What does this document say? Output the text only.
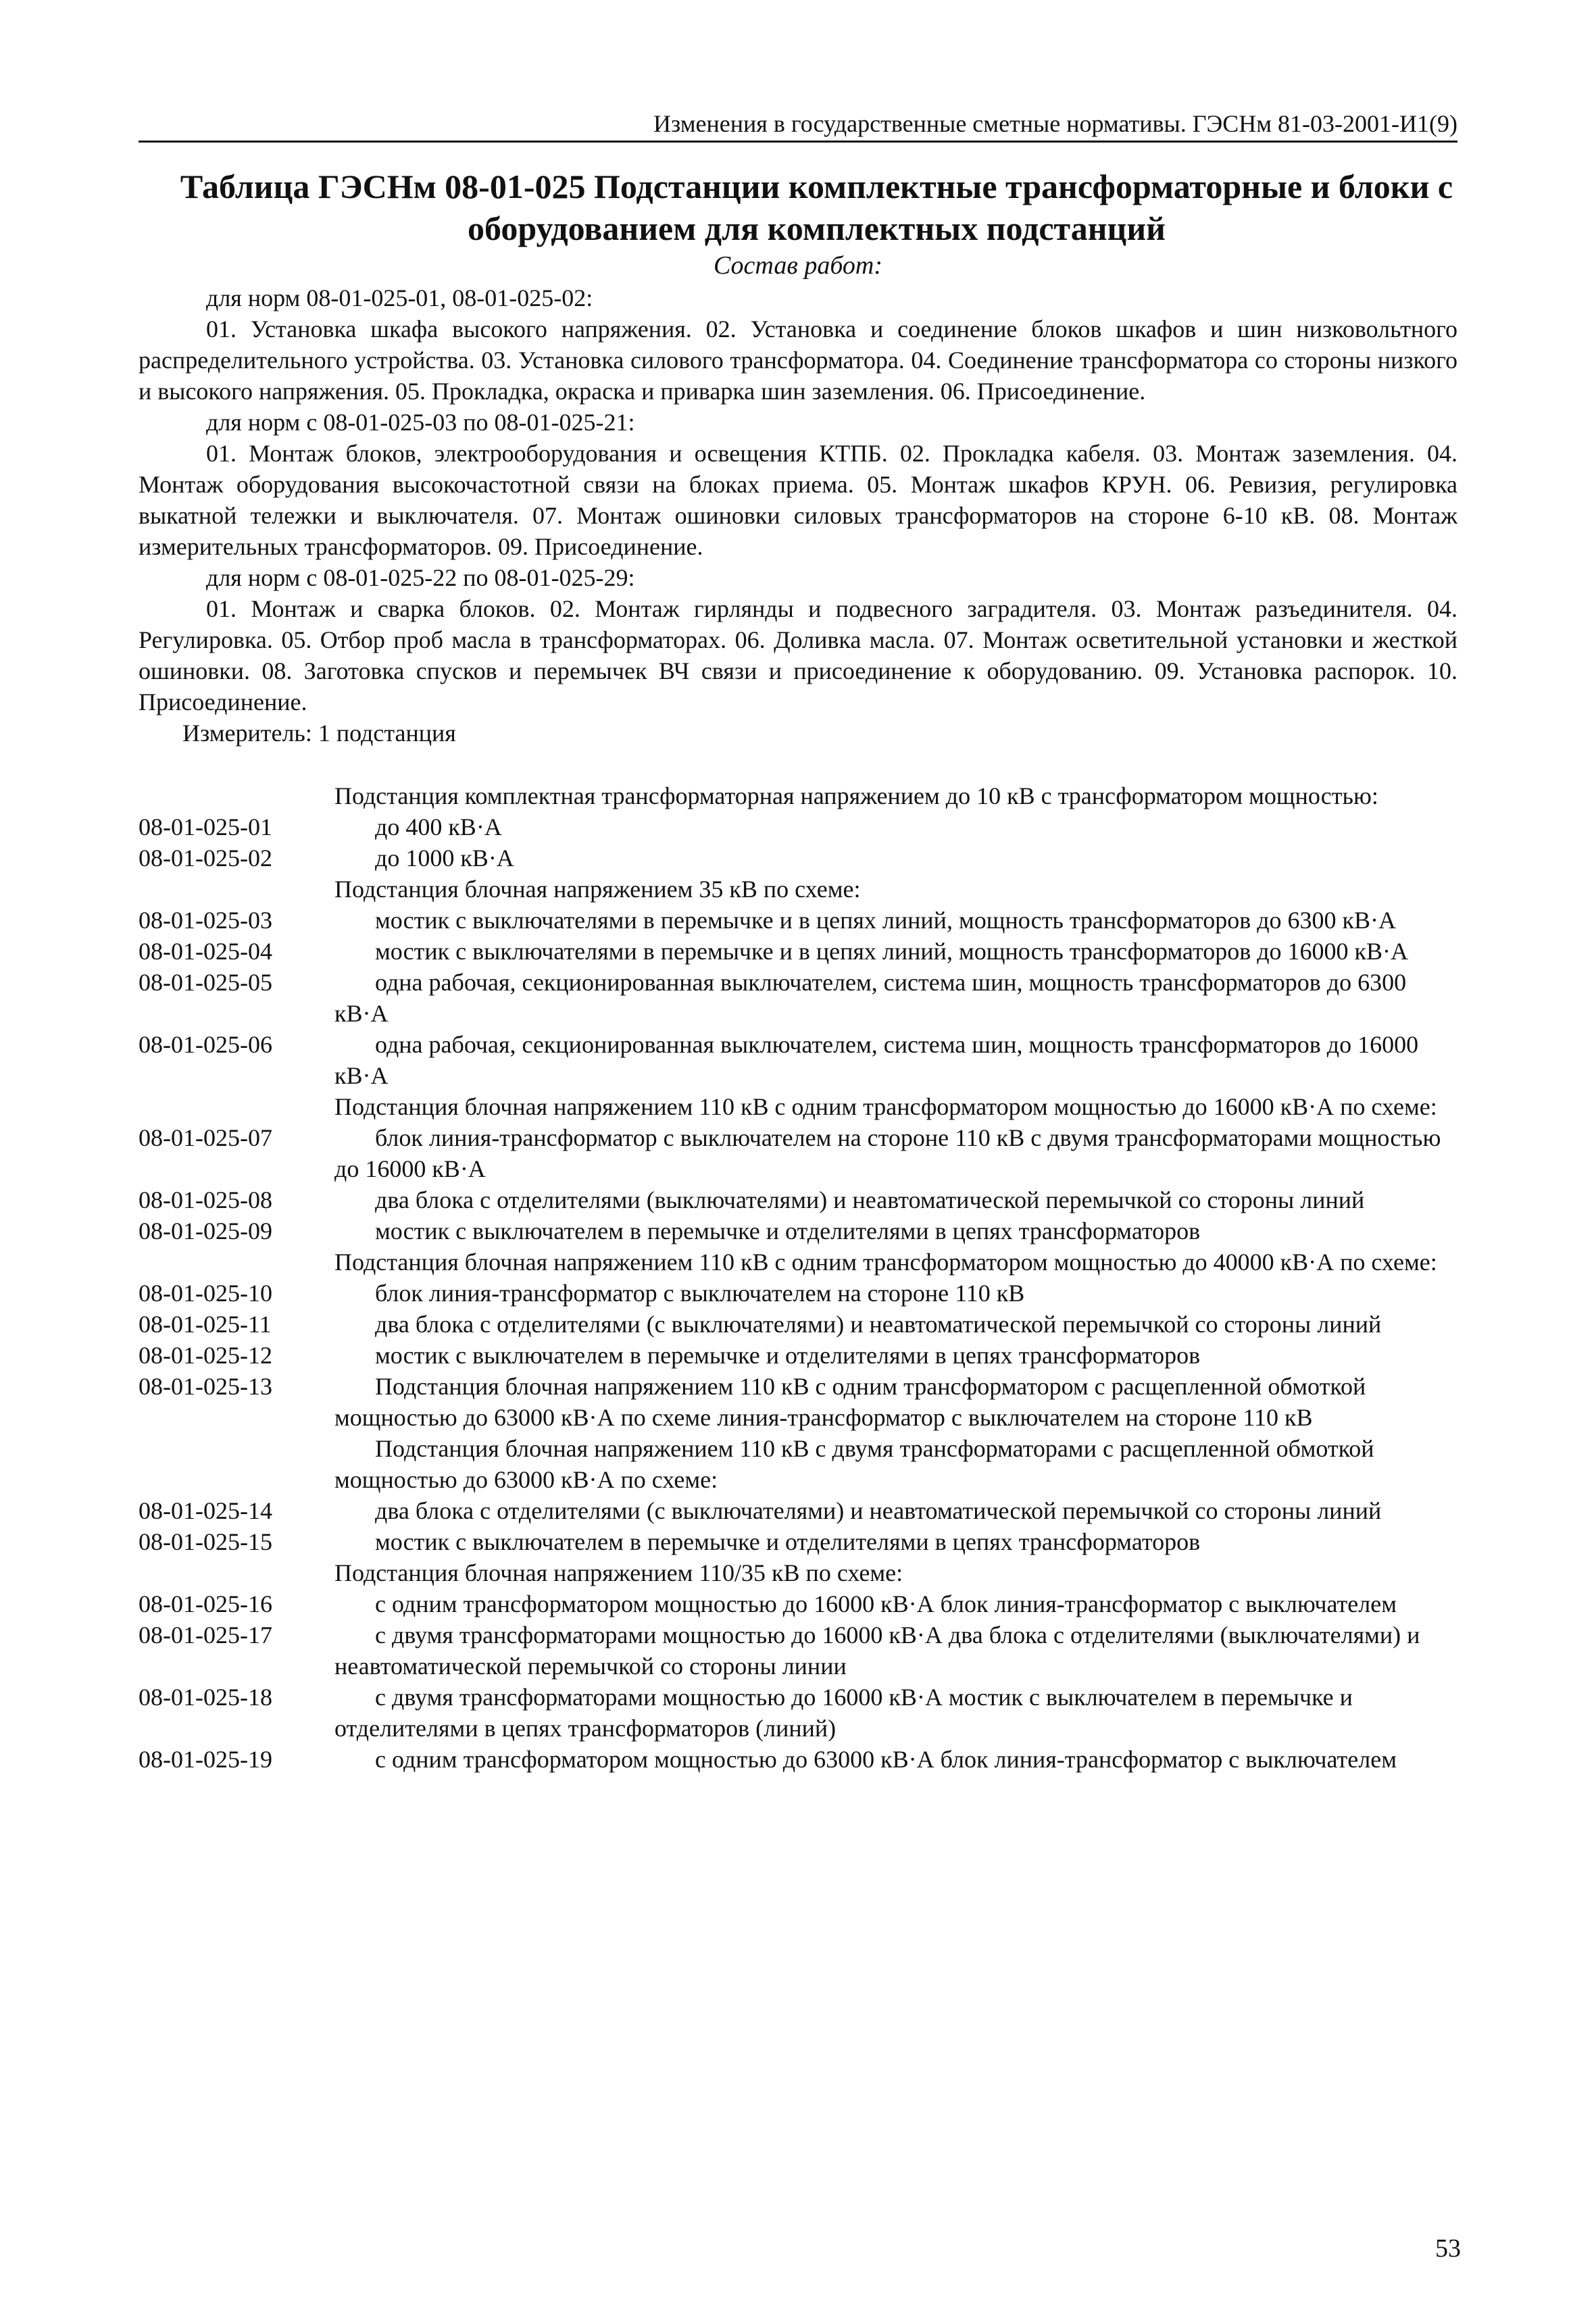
Изменения в государственные сметные нормативы. ГЭСНм 81-03-2001-И1(9)
Таблица ГЭСНм 08-01-025 Подстанции комплектные трансформаторные и блоки с
оборудованием для комплектных подстанций
Состав работ:

для норм 08-01-025-01, 08-01-025-02:

01. Установка шкафа высокого напряжения. 02. Установка и соединение блоков шкафов и шин низковольтного распределительного устройства. 03. Установка силового трансформатора. 04. Соединение трансформатора со стороны низкого и высокого напряжения. 05. Прокладка, окраска и приварка шин заземления. 06. Присоединение.

для норм с 08-01-025-03 по 08-01-025-21:

01. Монтаж блоков, электрооборудования и освещения КТПБ. 02. Прокладка кабеля. 03. Монтаж заземления. 04. Монтаж оборудования высокочастотной связи на блоках приема. 05. Монтаж шкафов КРУН. 06. Ревизия, регулировка выкатной тележки и выключателя. 07. Монтаж ошиновки силовых трансформаторов на стороне 6-10 кВ. 08. Монтаж измерительных трансформаторов. 09. Присоединение.

для норм с 08-01-025-22 по 08-01-025-29:

01. Монтаж и сварка блоков. 02. Монтаж гирлянды и подвесного заградителя. 03. Монтаж разъединителя. 04. Регулировка. 05. Отбор проб масла в трансформаторах. 06. Доливка масла. 07. Монтаж осветительной установки и жесткой ошиновки. 08. Заготовка спусков и перемычек ВЧ связи и присоединение к оборудованию. 09. Установка распорок. 10. Присоединение.

Измеритель: 1 подстанция

Подстанция комплектная трансформаторная напряжением до 10 кВ с трансформатором мощностью:
08-01-025-01	до 400 кВ·А
08-01-025-02	до 1000 кВ·А
Подстанция блочная напряжением 35 кВ по схеме:
08-01-025-03	мостик с выключателями в перемычке и в цепях линий, мощность трансформаторов до 6300 кВ·А
08-01-025-04	мостик с выключателями в перемычке и в цепях линий, мощность трансформаторов до 16000 кВ·А
08-01-025-05	одна рабочая, секционированная выключателем, система шин, мощность трансформаторов до 6300 кВ·А
08-01-025-06	одна рабочая, секционированная выключателем, система шин, мощность трансформаторов до 16000 кВ·А
Подстанция блочная напряжением 110 кВ с одним трансформатором мощностью до 16000 кВ·А по схеме:
08-01-025-07	блок линия-трансформатор с выключателем на стороне 110 кВ с двумя трансформаторами мощностью до 16000 кВ·А
08-01-025-08	два блока с отделителями (выключателями) и неавтоматической перемычкой со стороны линий
08-01-025-09	мостик с выключателем в перемычке и отделителями в цепях трансформаторов
Подстанция блочная напряжением 110 кВ с одним трансформатором мощностью до 40000 кВ·А по схеме:
08-01-025-10	блок линия-трансформатор с выключателем на стороне 110 кВ
08-01-025-11	два блока с отделителями (с выключателями) и неавтоматической перемычкой со стороны линий
08-01-025-12	мостик с выключателем в перемычке и отделителями в цепях трансформаторов
08-01-025-13	Подстанция блочная напряжением 110 кВ с одним трансформатором с расщепленной обмоткой мощностью до 63000 кВ·А по схеме линия-трансформатор с выключателем на стороне 110 кВ
Подстанция блочная напряжением 110 кВ с двумя трансформаторами с расщепленной обмоткой мощностью до 63000 кВ·А по схеме:
08-01-025-14	два блока с отделителями (с выключателями) и неавтоматической перемычкой со стороны линий
08-01-025-15	мостик с выключателем в перемычке и отделителями в цепях трансформаторов
Подстанция блочная напряжением 110/35 кВ по схеме:
08-01-025-16	с одним трансформатором мощностью до 16000 кВ·А блок линия-трансформатор с выключателем
08-01-025-17	с двумя трансформаторами мощностью до 16000 кВ·А два блока с отделителями (выключателями) и неавтоматической перемычкой со стороны линии
08-01-025-18	с двумя трансформаторами мощностью до 16000 кВ·А мостик с выключателем в перемычке и отделителями в цепях трансформаторов (линий)
08-01-025-19	с одним трансформатором мощностью до 63000 кВ·А блок линия-трансформатор с выключателем
53
